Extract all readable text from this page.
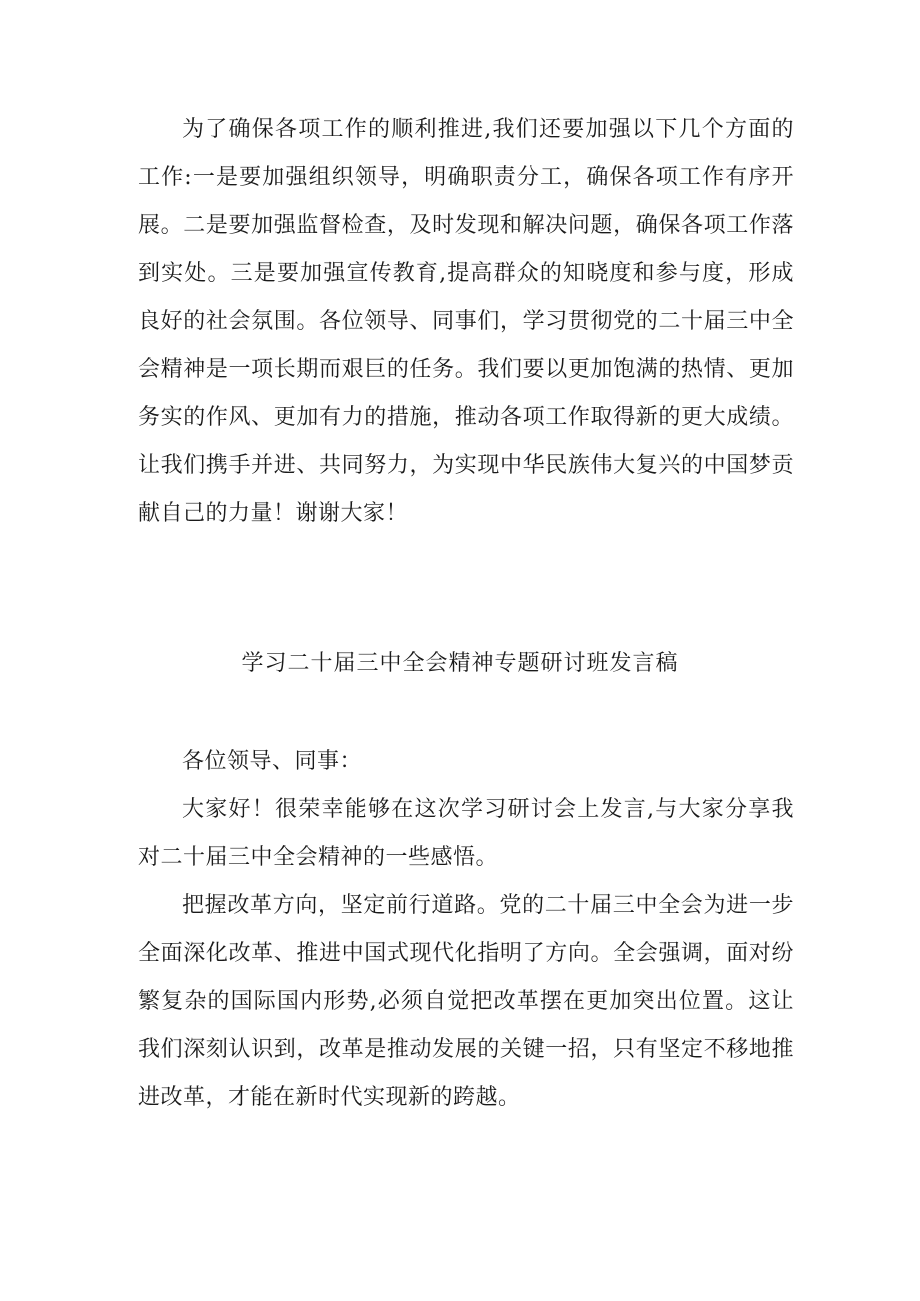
为了确保各项工作的顺利推进,我们还要加强以下几个方面的工作:一是要加强组织领导，明确职责分工，确保各项工作有序开展。二是要加强监督检查，及时发现和解决问题，确保各项工作落到实处。三是要加强宣传教育,提高群众的知晓度和参与度，形成良好的社会氛围。各位领导、同事们，学习贯彻党的二十届三中全会精神是一项长期而艰巨的任务。我们要以更加饱满的热情、更加务实的作风、更加有力的措施，推动各项工作取得新的更大成绩。让我们携手并进、共同努力，为实现中华民族伟大复兴的中国梦贡献自己的力量！谢谢大家！

学习二十届三中全会精神专题研讨班发言稿

各位领导、同事：

大家好！很荣幸能够在这次学习研讨会上发言,与大家分享我对二十届三中全会精神的一些感悟。

把握改革方向，坚定前行道路。党的二十届三中全会为进一步全面深化改革、推进中国式现代化指明了方向。全会强调，面对纷繁复杂的国际国内形势,必须自觉把改革摆在更加突出位置。这让我们深刻认识到，改革是推动发展的关键一招，只有坚定不移地推进改革，才能在新时代实现新的跨越。
